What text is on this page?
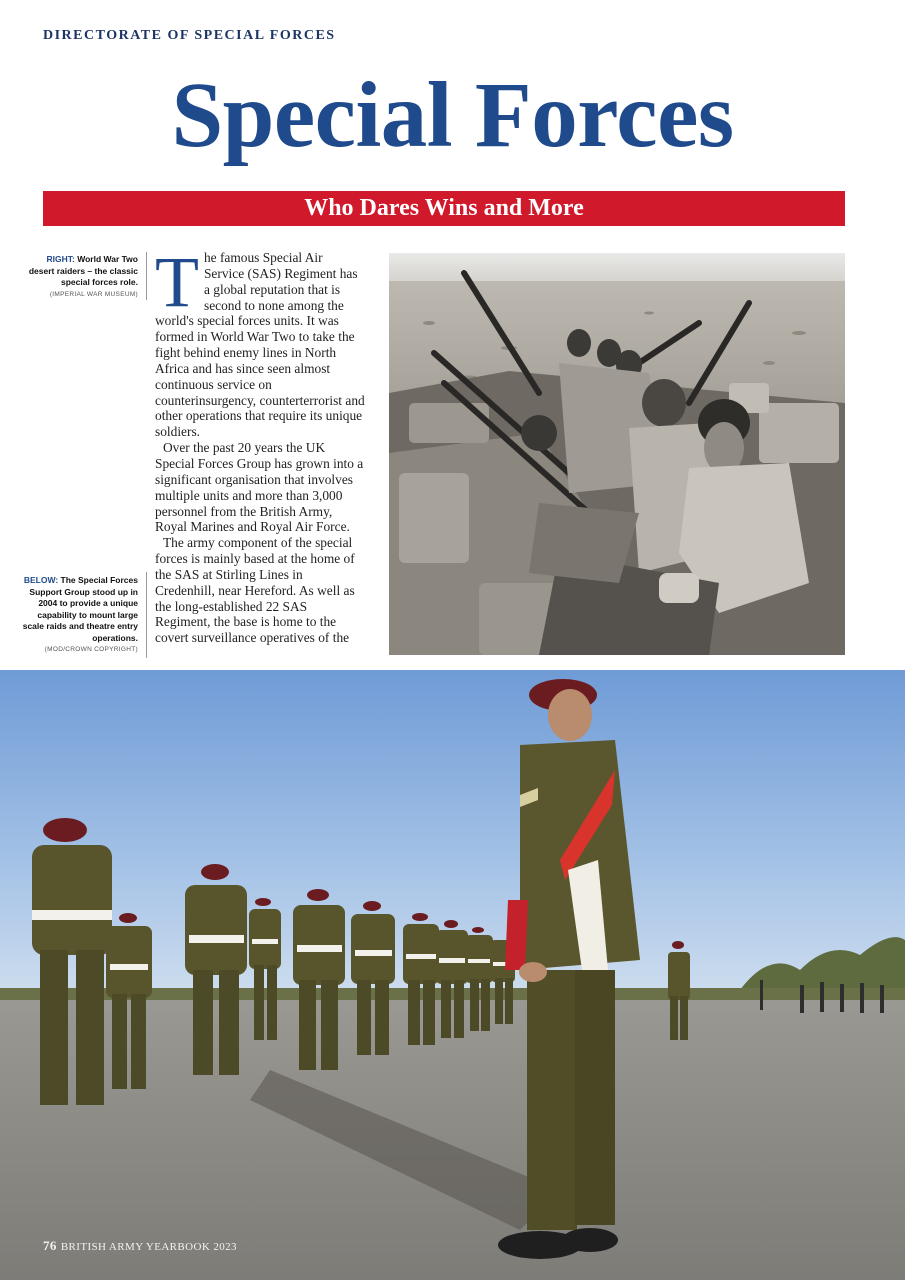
DIRECTORATE OF SPECIAL FORCES
Special Forces
Who Dares Wins and More
RIGHT: World War Two desert raiders – the classic special forces role.
(IMPERIAL WAR MUSEUM)
BELOW: The Special Forces Support Group stood up in 2004 to provide a unique capability to mount large scale raids and theatre entry operations.
(MOD/CROWN COPYRIGHT)

The famous Special Air Service (SAS) Regiment has a global reputation that is second to none among the world's special forces units. It was formed in World War Two to take the fight behind enemy lines in North Africa and has since seen almost continuous service on counterinsurgency, counterterrorist and other operations that require its unique soldiers.

Over the past 20 years the UK Special Forces Group has grown into a significant organisation that involves multiple units and more than 3,000 personnel from the British Army, Royal Marines and Royal Air Force.

The army component of the special forces is mainly based at the home of the SAS at Stirling Lines in Credenhill, near Hereford. As well as the long-established 22 SAS Regiment, the base is home to the covert surveillance operatives of the

76 BRITISH ARMY YEARBOOK 2023
